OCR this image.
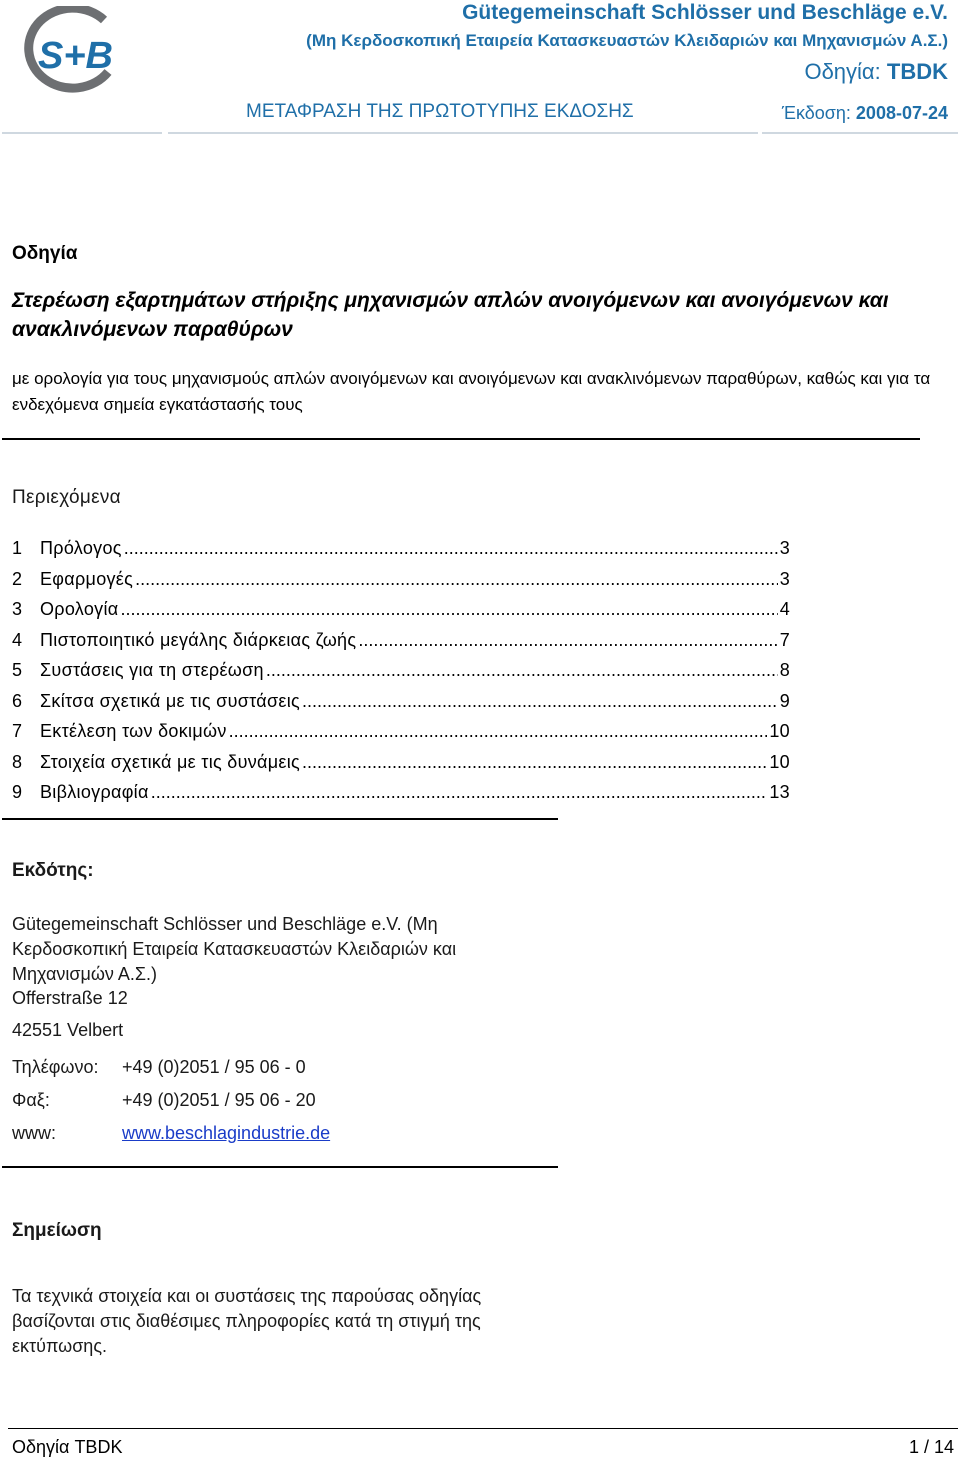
S+B
Gütegemeinschaft Schlösser und Beschläge e.V.
(Μη Κερδοσκοπική Εταιρεία Κατασκευαστών Κλειδαριών και Μηχανισμών Α.Σ.)
Οδηγία: TBDK
ΜΕΤΑΦΡΑΣΗ ΤΗΣ ΠΡΩΤΟΤΥΠΗΣ ΕΚΔΟΣΗΣ	Έκδοση: 2008-07-24
Οδηγία
Στερέωση εξαρτημάτων στήριξης μηχανισμών απλών ανοιγόμενων και ανοιγόμενων και ανακλινόμενων παραθύρων
με ορολογία για τους μηχανισμούς απλών ανοιγόμενων και ανοιγόμενων και ανακλινόμενων παραθύρων, καθώς και για τα ενδεχόμενα σημεία εγκατάστασής τους
Περιεχόμενα
1 Πρόλογος .....	3
2 Εφαρμογές .....	3
3 Ορολογία .....	4
4 Πιστοποιητικό μεγάλης διάρκειας ζωής .....	7
5 Συστάσεις για τη στερέωση .....	8
6 Σκίτσα σχετικά με τις συστάσεις .....	9
7 Εκτέλεση των δοκιμών .....	10
8 Στοιχεία σχετικά με τις δυνάμεις .....	10
9 Βιβλιογραφία .....	13
Εκδότης:
Gütegemeinschaft Schlösser und Beschläge e.V. (Μη Κερδοσκοπική Εταιρεία Κατασκευαστών Κλειδαριών και Μηχανισμών Α.Σ.)
Offerstraße 12
42551 Velbert
Τηλέφωνο: +49 (0)2051 / 95 06 - 0
Φαξ:	+49 (0)2051 / 95 06 - 20
www:	www.beschlagindustrie.de
Σημείωση
Τα τεχνικά στοιχεία και οι συστάσεις της παρούσας οδηγίας βασίζονται στις διαθέσιμες πληροφορίες κατά τη στιγμή της εκτύπωσης.
Οδηγία TBDK	1 / 14
